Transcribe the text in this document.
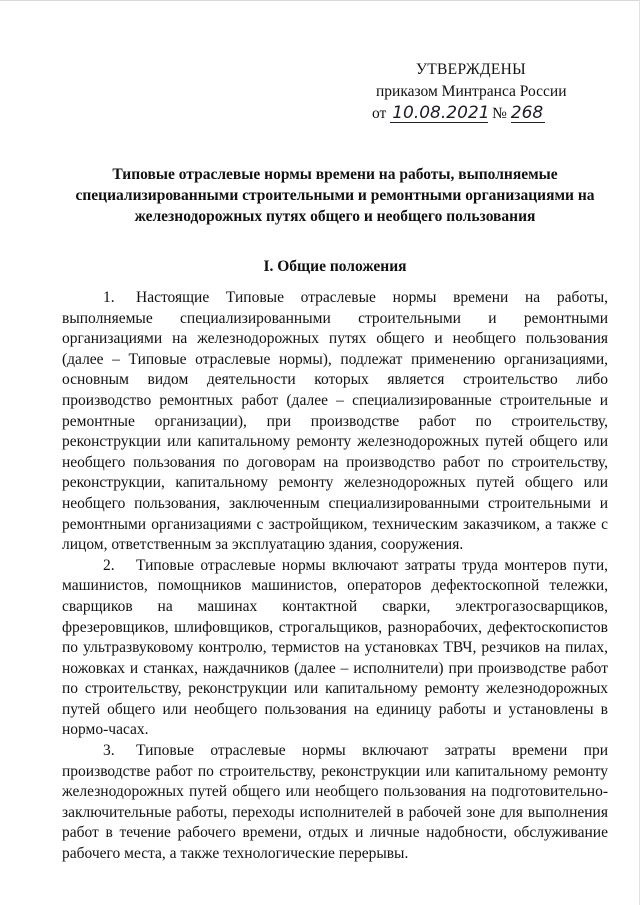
УТВЕРЖДЕНЫ
приказом Минтранса России
от 10.08.2021 № 268
Типовые отраслевые нормы времени на работы, выполняемые специализированными строительными и ремонтными организациями на железнодорожных путях общего и необщего пользования
I. Общие положения

1. Настоящие Типовые отраслевые нормы времени на работы, выполняемые специализированными строительными и ремонтными организациями на железнодорожных путях общего и необщего пользования (далее – Типовые отраслевые нормы), подлежат применению организациями, основным видом деятельности которых является строительство либо производство ремонтных работ (далее – специализированные строительные и ремонтные организации), при производстве работ по строительству, реконструкции или капитальному ремонту железнодорожных путей общего или необщего пользования по договорам на производство работ по строительству, реконструкции, капитальному ремонту железнодорожных путей общего или необщего пользования, заключенным специализированными строительными и ремонтными организациями с застройщиком, техническим заказчиком, а также с лицом, ответственным за эксплуатацию здания, сооружения.

2. Типовые отраслевые нормы включают затраты труда монтеров пути, машинистов, помощников машинистов, операторов дефектоскопной тележки, сварщиков на машинах контактной сварки, электрогазосварщиков, фрезеровщиков, шлифовщиков, строгальщиков, разнорабочих, дефектоскопистов по ультразвуковому контролю, термистов на установках ТВЧ, резчиков на пилах, ножовках и станках, наждачников (далее – исполнители) при производстве работ по строительству, реконструкции или капитальному ремонту железнодорожных путей общего или необщего пользования на единицу работы и установлены в нормо-часах.

3. Типовые отраслевые нормы включают затраты времени при производстве работ по строительству, реконструкции или капитальному ремонту железнодорожных путей общего или необщего пользования на подготовительно-заключительные работы, переходы исполнителей в рабочей зоне для выполнения работ в течение рабочего времени, отдых и личные надобности, обслуживание рабочего места, а также технологические перерывы.
